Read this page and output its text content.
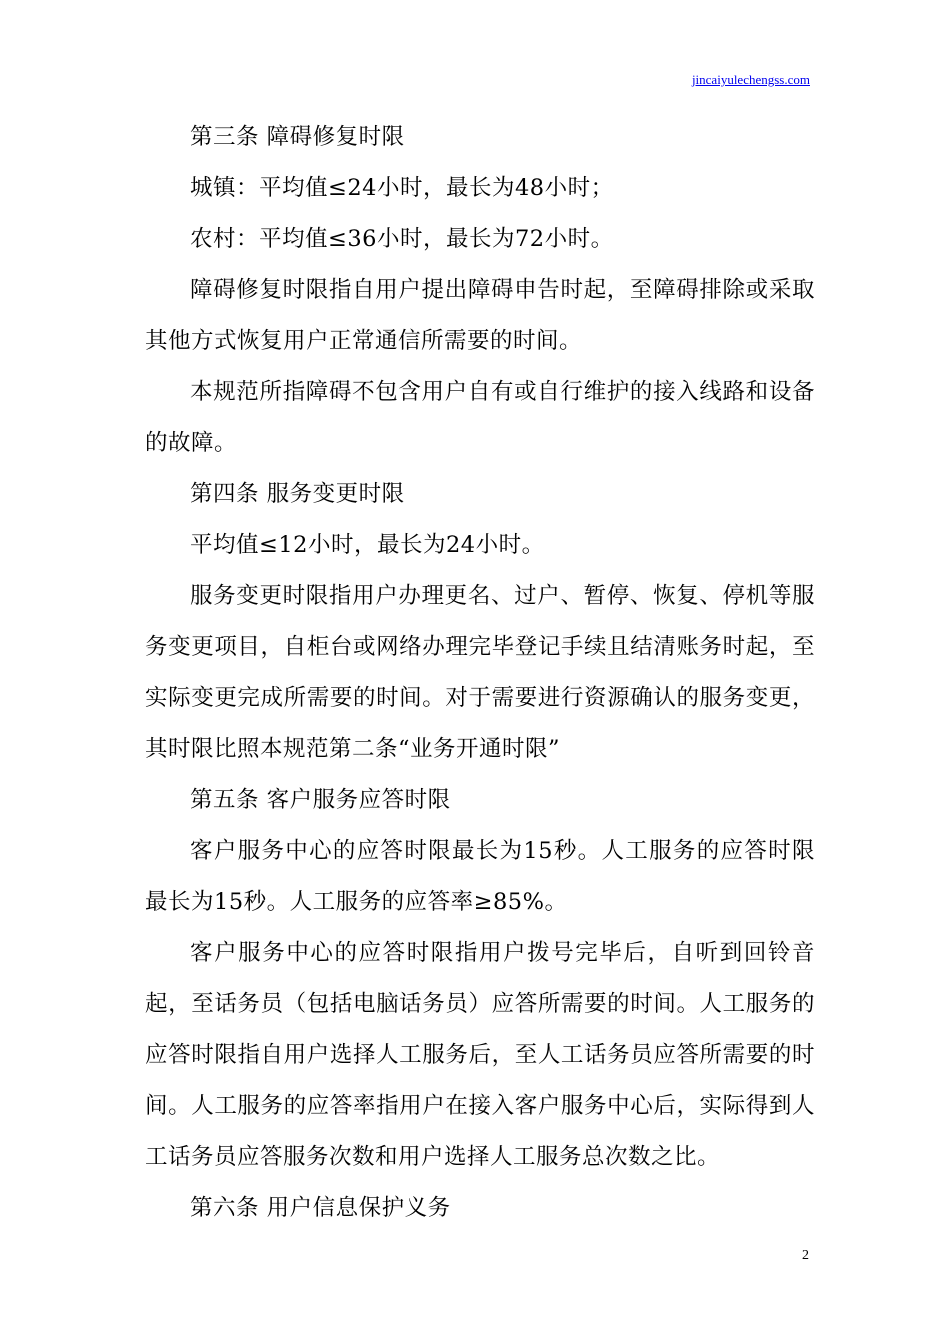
jincaiyulechengss.com

第三条 障碍修复时限

城镇：平均值≤24小时，最长为48小时；

农村：平均值≤36小时，最长为72小时。

障碍修复时限指自用户提出障碍申告时起，至障碍排除或采取其他方式恢复用户正常通信所需要的时间。

本规范所指障碍不包含用户自有或自行维护的接入线路和设备的故障。

第四条 服务变更时限

平均值≤12小时，最长为24小时。

服务变更时限指用户办理更名、过户、暂停、恢复、停机等服务变更项目，自柜台或网络办理完毕登记手续且结清账务时起，至实际变更完成所需要的时间。对于需要进行资源确认的服务变更，其时限比照本规范第二条“业务开通时限”

第五条 客户服务应答时限

客户服务中心的应答时限最长为15秒。人工服务的应答时限最长为15秒。人工服务的应答率≥85%。

客户服务中心的应答时限指用户拨号完毕后，自听到回铃音起，至话务员（包括电脑话务员）应答所需要的时间。人工服务的应答时限指自用户选择人工服务后，至人工话务员应答所需要的时间。人工服务的应答率指用户在接入客户服务中心后，实际得到人工话务员应答服务次数和用户选择人工服务总次数之比。

第六条 用户信息保护义务

2
